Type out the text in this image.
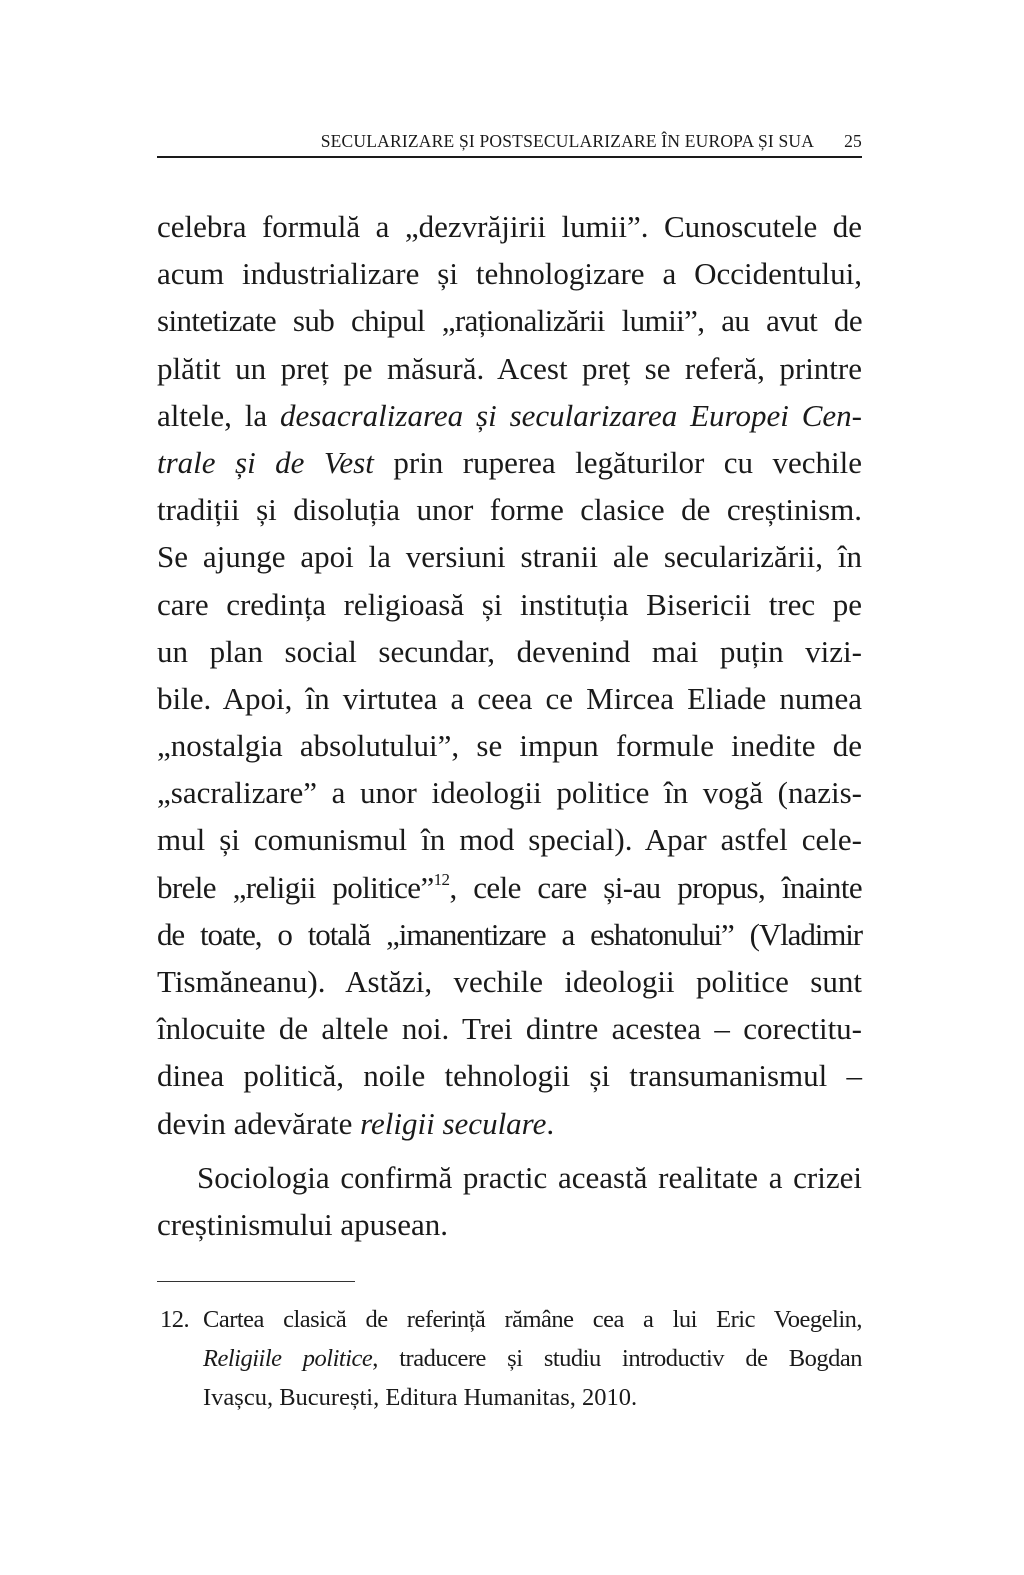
SECULARIZARE ȘI POSTSECULARIZARE ÎN EUROPA ȘI SUA 25
celebra formulă a „dezvrăjirii lumii”. Cunoscutele de
acum industrializare și tehnologizare a Occidentului,
sintetizate sub chipul „raționalizării lumii”, au avut de
plătit un preț pe măsură. Acest preț se referă, printre
altele, la desacralizarea și secularizarea Europei Cen-
trale și de Vest prin ruperea legăturilor cu vechile
tradiții și disoluția unor forme clasice de creștinism.
Se ajunge apoi la versiuni stranii ale secularizării, în
care credința religioasă și instituția Bisericii trec pe
un plan social secundar, devenind mai puțin vizi-
bile. Apoi, în virtutea a ceea ce Mircea Eliade numea
„nostalgia absolutului”, se impun formule inedite de
„sacralizare” a unor ideologii politice în vogă (nazis-
mul și comunismul în mod special). Apar astfel cele-
brele „religii politice”$^{12}$, cele care și-au propus, înainte
de toate, o totală „imanentizare a eshatonului” (Vladimir
Tismăneanu). Astăzi, vechile ideologii politice sunt
înlocuite de altele noi. Trei dintre acestea – corectitu-
dinea politică, noile tehnologii și transumanismul –
devin adevărate religii seculare.
Sociologia confirmă practic această realitate a crizei
creștinismului apusean.
12. Cartea clasică de referință rămâne cea a lui Eric Voegelin,
Religiile politice, traducere și studiu introductiv de Bogdan
Ivașcu, București, Editura Humanitas, 2010.
